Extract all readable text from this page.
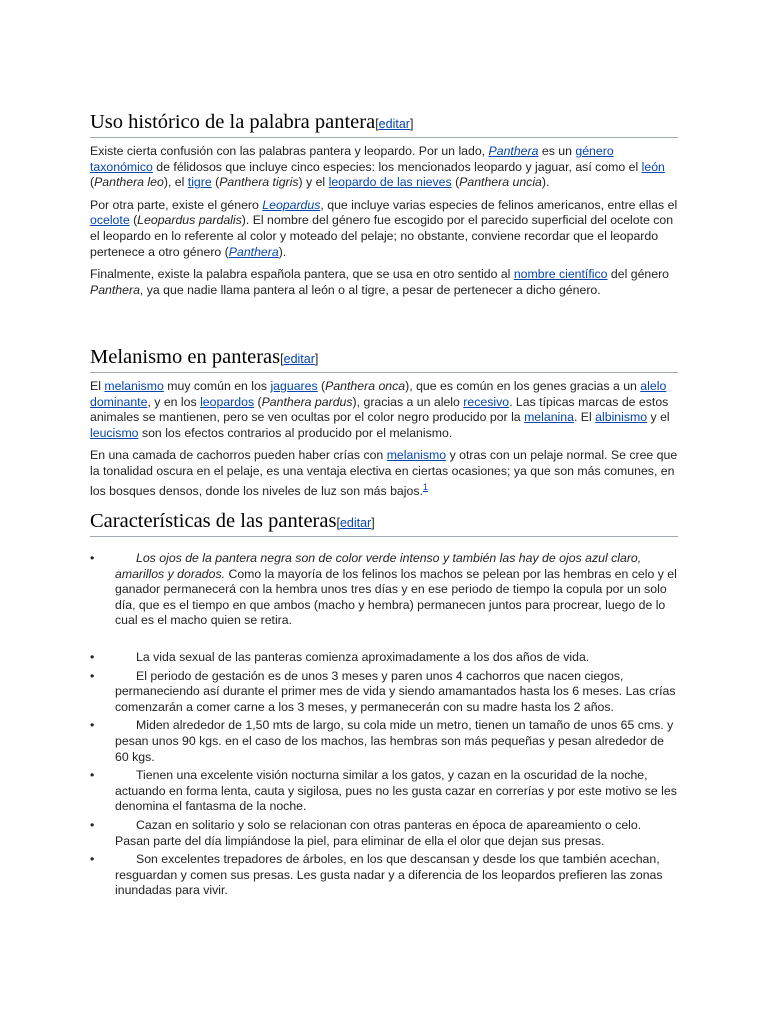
Uso histórico de la palabra pantera[editar]

Existe cierta confusión con las palabras pantera y leopardo. Por un lado, Panthera es un género taxonómico de félidosos que incluye cinco especies: los mencionados leopardo y jaguar, así como el león (Panthera leo), el tigre (Panthera tigris) y el leopardo de las nieves (Panthera uncia).

Por otra parte, existe el género Leopardus, que incluye varias especies de felinos americanos, entre ellas el ocelote (Leopardus pardalis). El nombre del género fue escogido por el parecido superficial del ocelote con el leopardo en lo referente al color y moteado del pelaje; no obstante, conviene recordar que el leopardo pertenece a otro género (Panthera).

Finalmente, existe la palabra española pantera, que se usa en otro sentido al nombre científico del género Panthera, ya que nadie llama pantera al león o al tigre, a pesar de pertenecer a dicho género.

Melanismo en panteras[editar]

El melanismo muy común en los jaguares (Panthera onca), que es común en los genes gracias a un alelo dominante, y en los leopardos (Panthera pardus), gracias a un alelo recesivo. Las típicas marcas de estos animales se mantienen, pero se ven ocultas por el color negro producido por la melanina. El albinismo y el leucismo son los efectos contrarios al producido por el melanismo.

En una camada de cachorros pueden haber crías con melanismo y otras con un pelaje normal. Se cree que la tonalidad oscura en el pelaje, es una ventaja electiva en ciertas ocasiones; ya que son más comunes, en los bosques densos, donde los niveles de luz son más bajos.$^1$

Características de las panteras[editar]
•	Los ojos de la pantera negra son de color verde intenso y también las hay de ojos azul claro, amarillos y dorados. Como la mayoría de los felinos los machos se pelean por las hembras en celo y el ganador permanecerá con la hembra unos tres días y en ese periodo de tiempo la copula por un solo día, que es el tiempo en que ambos (macho y hembra) permanecen juntos para procrear, luego de lo cual es el macho quien se retira.
•	La vida sexual de las panteras comienza aproximadamente a los dos años de vida.
•	El periodo de gestación es de unos 3 meses y paren unos 4 cachorros que nacen ciegos, permaneciendo así durante el primer mes de vida y siendo amamantados hasta los 6 meses. Las crías comenzarán a comer carne a los 3 meses, y permanecerán con su madre hasta los 2 años.
•	Miden alrededor de 1,50 mts de largo, su cola mide un metro, tienen un tamaño de unos 65 cms. y pesan unos 90 kgs. en el caso de los machos, las hembras son más pequeñas y pesan alrededor de 60 kgs.
•	Tienen una excelente visión nocturna similar a los gatos, y cazan en la oscuridad de la noche, actuando en forma lenta, cauta y sigilosa, pues no les gusta cazar en correrías y por este motivo se les denomina el fantasma de la noche.
•	Cazan en solitario y solo se relacionan con otras panteras en época de apareamiento o celo. Pasan parte del día limpiándose la piel, para eliminar de ella el olor que dejan sus presas.
•	Son excelentes trepadores de árboles, en los que descansan y desde los que también acechan, resguardan y comen sus presas. Les gusta nadar y a diferencia de los leopardos prefieren las zonas inundadas para vivir.
